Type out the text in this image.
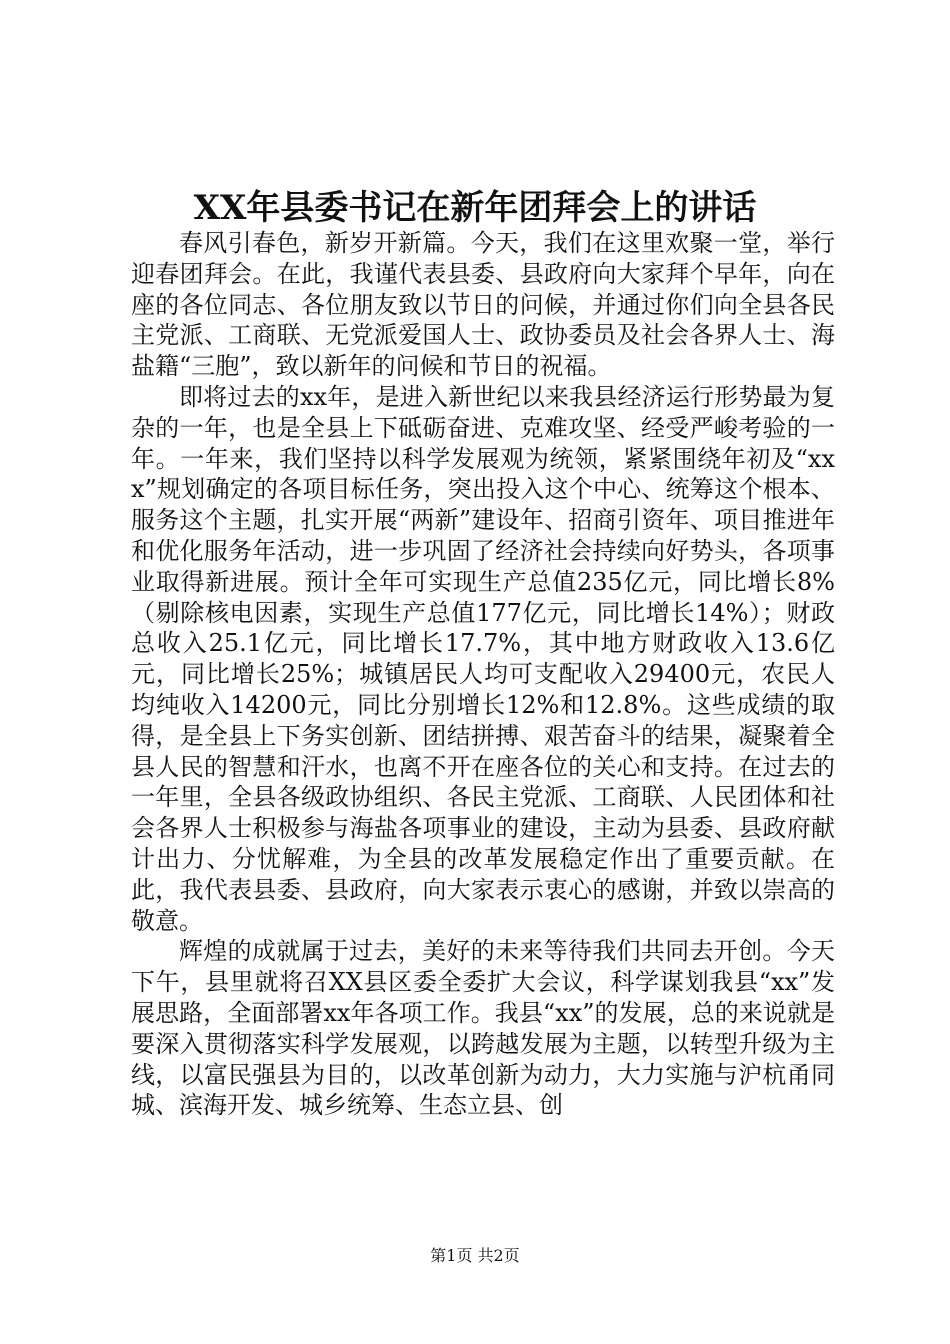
XX年县委书记在新年团拜会上的讲话

春风引春色，新岁开新篇。今天，我们在这里欢聚一堂，举行迎春团拜会。在此，我谨代表县委、县政府向大家拜个早年，向在座的各位同志、各位朋友致以节日的问候，并通过你们向全县各民主党派、工商联、无党派爱国人士、政协委员及社会各界人士、海盐籍“三胞”，致以新年的问候和节日的祝福。

即将过去的xx年，是进入新世纪以来我县经济运行形势最为复杂的一年，也是全县上下砥砺奋进、克难攻坚、经受严峻考验的一年。一年来，我们坚持以科学发展观为统领，紧紧围绕年初及“xxx”规划确定的各项目标任务，突出投入这个中心、统筹这个根本、服务这个主题，扎实开展“两新”建设年、招商引资年、项目推进年和优化服务年活动，进一步巩固了经济社会持续向好势头，各项事业取得新进展。预计全年可实现生产总值235亿元，同比增长8%（剔除核电因素，实现生产总值177亿元，同比增长14%）；财政总收入25.1亿元，同比增长17.7%，其中地方财政收入13.6亿元，同比增长25%；城镇居民人均可支配收入29400元，农民人均纯收入14200元，同比分别增长12%和12.8%。这些成绩的取得，是全县上下务实创新、团结拼搏、艰苦奋斗的结果，凝聚着全县人民的智慧和汗水，也离不开在座各位的关心和支持。在过去的一年里，全县各级政协组织、各民主党派、工商联、人民团体和社会各界人士积极参与海盐各项事业的建设，主动为县委、县政府献计出力、分忧解难，为全县的改革发展稳定作出了重要贡献。在此，我代表县委、县政府，向大家表示衷心的感谢，并致以崇高的敬意。

辉煌的成就属于过去，美好的未来等待我们共同去开创。今天下午，县里就将召XX县区委全委扩大会议，科学谋划我县“xx”发展思路，全面部署xx年各项工作。我县“xx”的发展，总的来说就是要深入贯彻落实科学发展观，以跨越发展为主题，以转型升级为主线，以富民强县为目的，以改革创新为动力，大力实施与沪杭甬同城、滨海开发、城乡统筹、生态立县、创

第1页 共2页
